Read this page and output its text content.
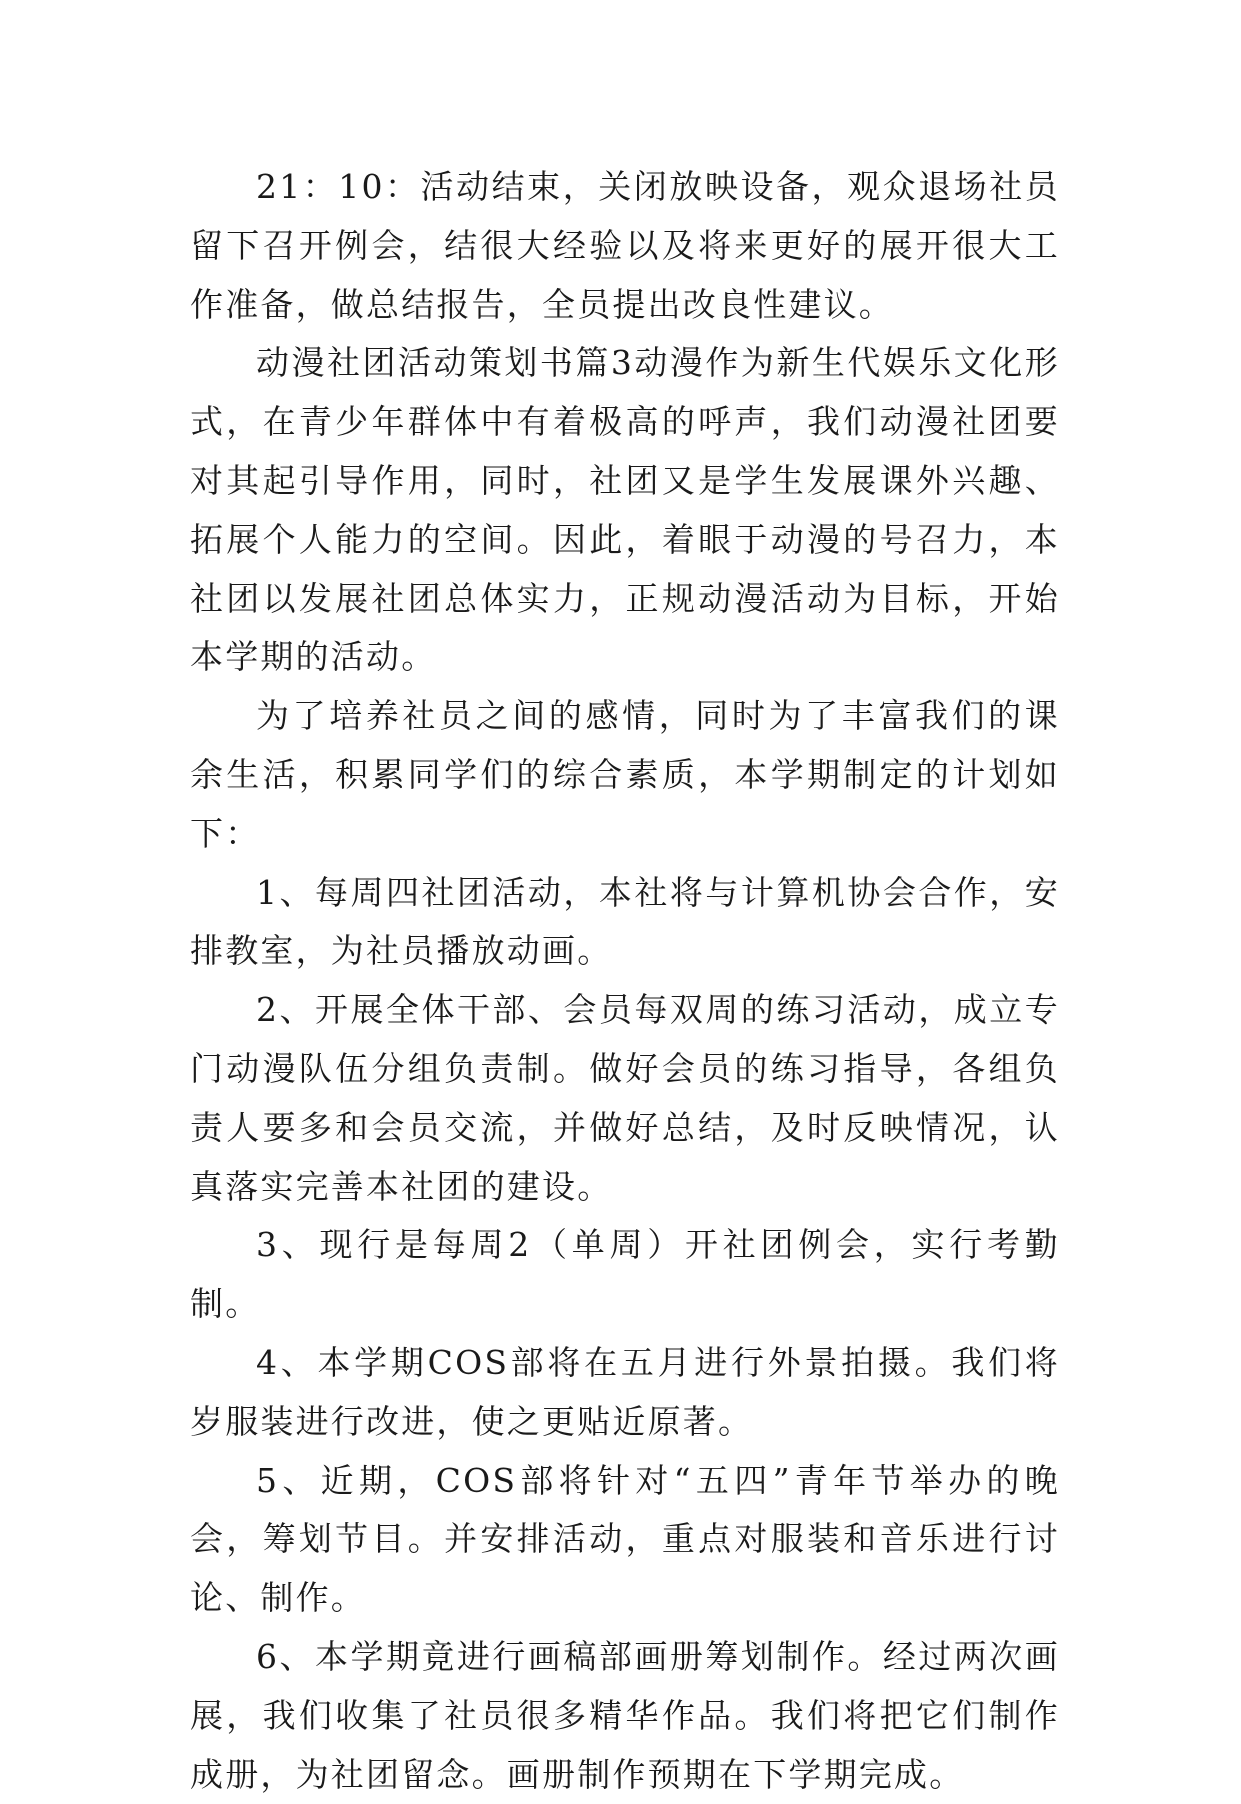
21：10：活动结束，关闭放映设备，观众退场社员留下召开例会，结很大经验以及将来更好的展开很大工作准备，做总结报告，全员提出改良性建议。

动漫社团活动策划书篇3动漫作为新生代娱乐文化形式，在青少年群体中有着极高的呼声，我们动漫社团要对其起引导作用，同时，社团又是学生发展课外兴趣、拓展个人能力的空间。因此，着眼于动漫的号召力，本社团以发展社团总体实力，正规动漫活动为目标，开始本学期的活动。

为了培养社员之间的感情，同时为了丰富我们的课余生活，积累同学们的综合素质，本学期制定的计划如下：

1、每周四社团活动，本社将与计算机协会合作，安排教室，为社员播放动画。

2、开展全体干部、会员每双周的练习活动，成立专门动漫队伍分组负责制。做好会员的练习指导，各组负责人要多和会员交流，并做好总结，及时反映情况，认真落实完善本社团的建设。

3、现行是每周2（单周）开社团例会，实行考勤制。

4、本学期COS部将在五月进行外景拍摄。我们将岁服装进行改进，使之更贴近原著。

5、近期，COS部将针对“五四”青年节举办的晚会，筹划节目。并安排活动，重点对服装和音乐进行讨论、制作。

6、本学期竟进行画稿部画册筹划制作。经过两次画展，我们收集了社员很多精华作品。我们将把它们制作成册，为社团留念。画册制作预期在下学期完成。
